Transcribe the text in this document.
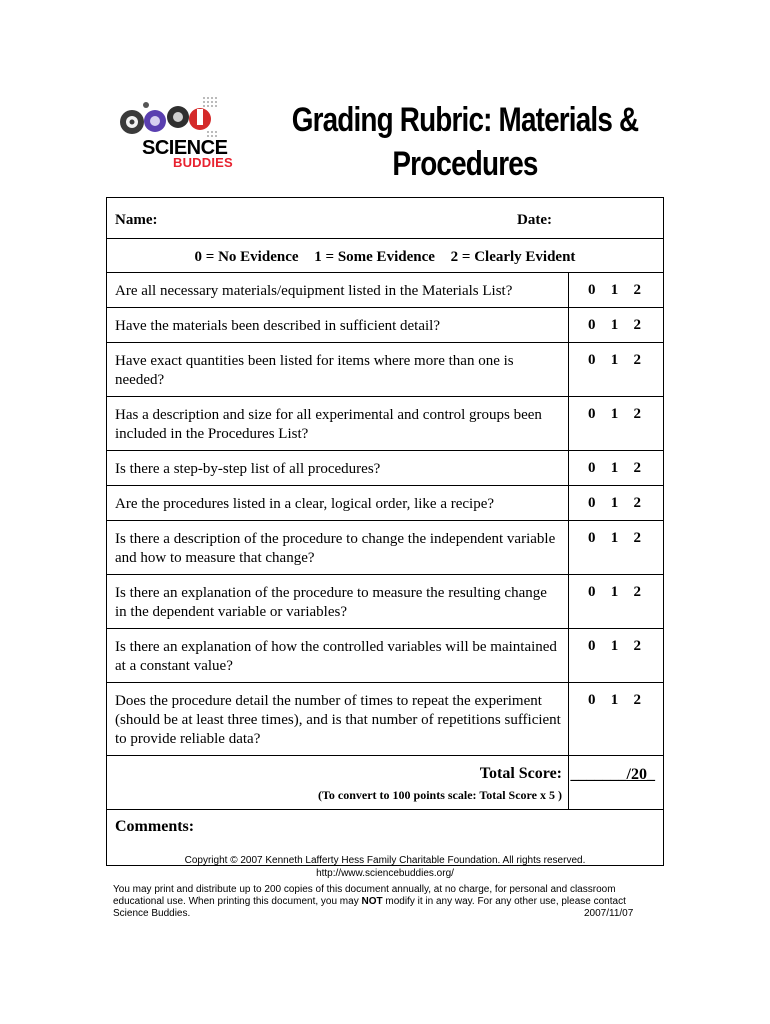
SCIENCE
BUDDIES
Grading Rubric: Materials &
Procedures
Name: Date:	

0 = No Evidence 1 = Some Evidence 2 = Clearly Evident	
Are all necessary materials/equipment listed in the Materials List?	0 1 2

Have the materials been described in sufficient detail?	0 1 2

Have exact quantities been listed for items where more than one is needed?	0 1 2

Has a description and size for all experimental and control groups been included in the Procedures List?	0 1 2

Is there a step-by-step list of all procedures?	0 1 2

Are the procedures listed in a clear, logical order, like a recipe?	0 1 2

Is there a description of the procedure to change the independent variable and how to measure that change?	0 1 2

Is there an explanation of the procedure to measure the resulting change in the dependent variable or variables?	0 1 2

Is there an explanation of how the controlled variables will be maintained at a constant value?	0 1 2

Does the procedure detail the number of times to repeat the experiment (should be at least three times), and is that number of repetitions sufficient to provide reliable data?	0 1 2

Total Score:
(To convert to 100 points scale: Total Score x 5 )	_______/20_
Comments:	
Copyright © 2007 Kenneth Lafferty Hess Family Charitable Foundation. All rights reserved.
http://www.sciencebuddies.org/
You may print and distribute up to 200 copies of this document annually, at no charge, for personal and classroom
educational use. When printing this document, you may NOT modify it in any way. For any other use, please contact
Science Buddies.	2007/11/07
